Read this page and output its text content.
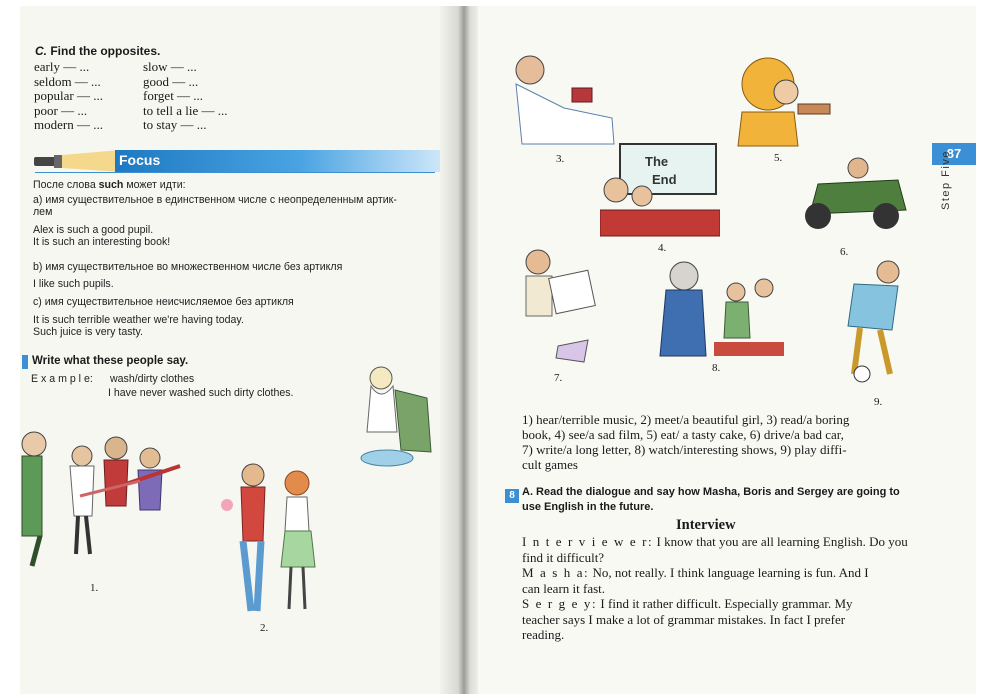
C. Find the opposites.
early — ...
seldom — ...
popular — ...
poor — ...
modern — ...
slow — ...
good — ...
forget — ...
to tell a lie — ...
to stay — ...
Focus
После слова such может идти:
а) имя существительное в единственном числе с неопределенным артик-
лем
Alex is such a good pupil.
It is such an interesting book!
b) имя существительное во множественном числе без артикля
I like such pupils.
c) имя существительное неисчисляемое без артикля
It is such terrible weather we're having today.
Such juice is very tasty.
Write what these people say.
E x a m p l e: wash/dirty clothes
I have never washed such dirty clothes.
1.
2.
87
Step Five
3.	5.
The
End
4.	6.
7.
8.
9.
1) hear/terrible music, 2) meet/a beautiful girl, 3) read/a boring
book, 4) see/a sad film, 5) eat/ a tasty cake, 6) drive/a bad car,
7) write/a long letter, 8) watch/interesting shows, 9) play diffi-
cult games
8 A. Read the dialogue and say how Masha, Boris and Sergey are going to
use English in the future.
Interview
I n t e r v i e w e r: I know that you are all learning English. Do you
find it difficult?
M a s h a: No, not really. I think language learning is fun. And I
can learn it fast.
S e r g e y: I find it rather difficult. Especially grammar. My
teacher says I make a lot of grammar mistakes. In fact I prefer
reading.
